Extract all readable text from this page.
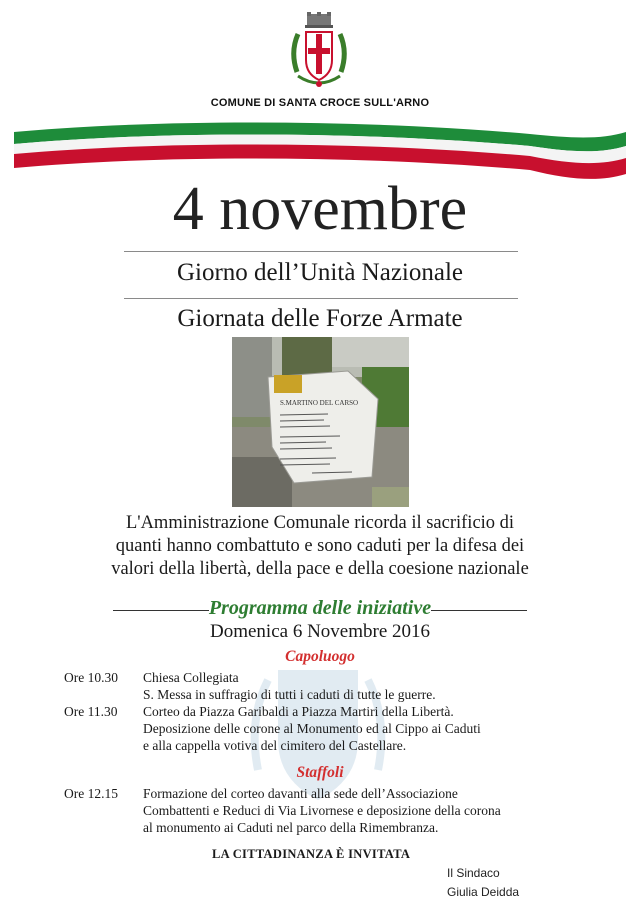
COMUNE DI SANTA CROCE SULL'ARNO
4 novembre
Giorno dell’Unità Nazionale
Giornata delle Forze Armate
S.MARTINO DEL CARSO
L'Amministrazione Comunale ricorda il sacrificio di
quanti hanno combattuto e sono caduti per la difesa dei
valori della libertà, della pace e della coesione nazionale
Programma delle iniziative
Domenica 6 Novembre 2016
Capoluogo
Ore 10.30 Chiesa Collegiata
S. Messa in suffragio di tutti i caduti di tutte le guerre.
Ore 11.30 Corteo da Piazza Garibaldi a Piazza Martiri della Libertà.
Deposizione delle corone al Monumento ed al Cippo ai Caduti
e alla cappella votiva del cimitero del Castellare.
Staffoli
Ore 12.15 Formazione del corteo davanti alla sede dell’Associazione
Combattenti e Reduci di Via Livornese e deposizione della corona
al monumento ai Caduti nel parco della Rimembranza.
LA CITTADINANZA È INVITATA
Il Sindaco
Giulia Deidda
